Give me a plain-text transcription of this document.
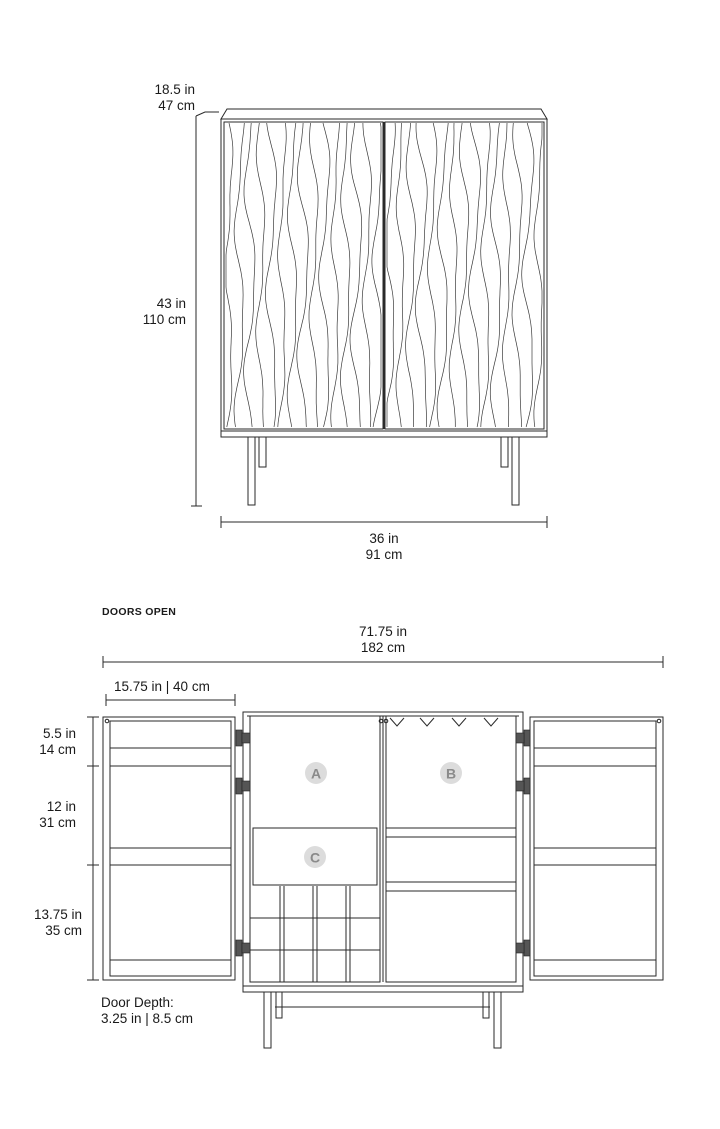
A	B
C
18.5 in
47 cm
43 in
110 cm
36 in
91 cm
DOORS OPEN
71.75 in
182 cm
15.75 in | 40 cm
5.5 in
14 cm
12 in
31 cm
13.75 in
35 cm
Door Depth:
3.25 in | 8.5 cm
